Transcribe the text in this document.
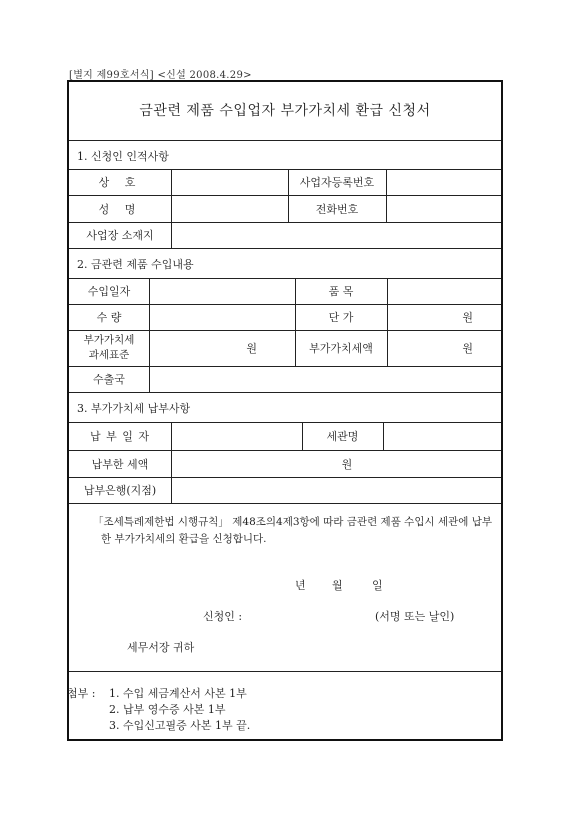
[별지 제99호서식] <신설 2008.4.29>
금관련 제품 수입업자 부가가치세 환급 신청서
1. 신청인 인적사항
상 호	사업자등록번호
성 명	전화번호
사업장 소재지
2. 금관련 제품 수입내용
수입일자	품 목
수 량	단 가	원
부가가치세
과세표준	원	부가가치세액	원
수출국
3. 부가가치세 납부사항
납 부 일 자	세관명
납부한 세액	원
납부은행(지점)
「조세특례제한법 시행규칙」 제48조의4제3항에 따라 금관련 제품 수입시 세관에 납부한 부가가치세의 환급을 신청합니다.
년 월	일
신청인 :	(서명 또는 날인)
세무서장 귀하
첨부 : 1. 수입 세금계산서 사본 1부
2. 납부 영수증 사본 1부
3. 수입신고필증 사본 1부 끝.
